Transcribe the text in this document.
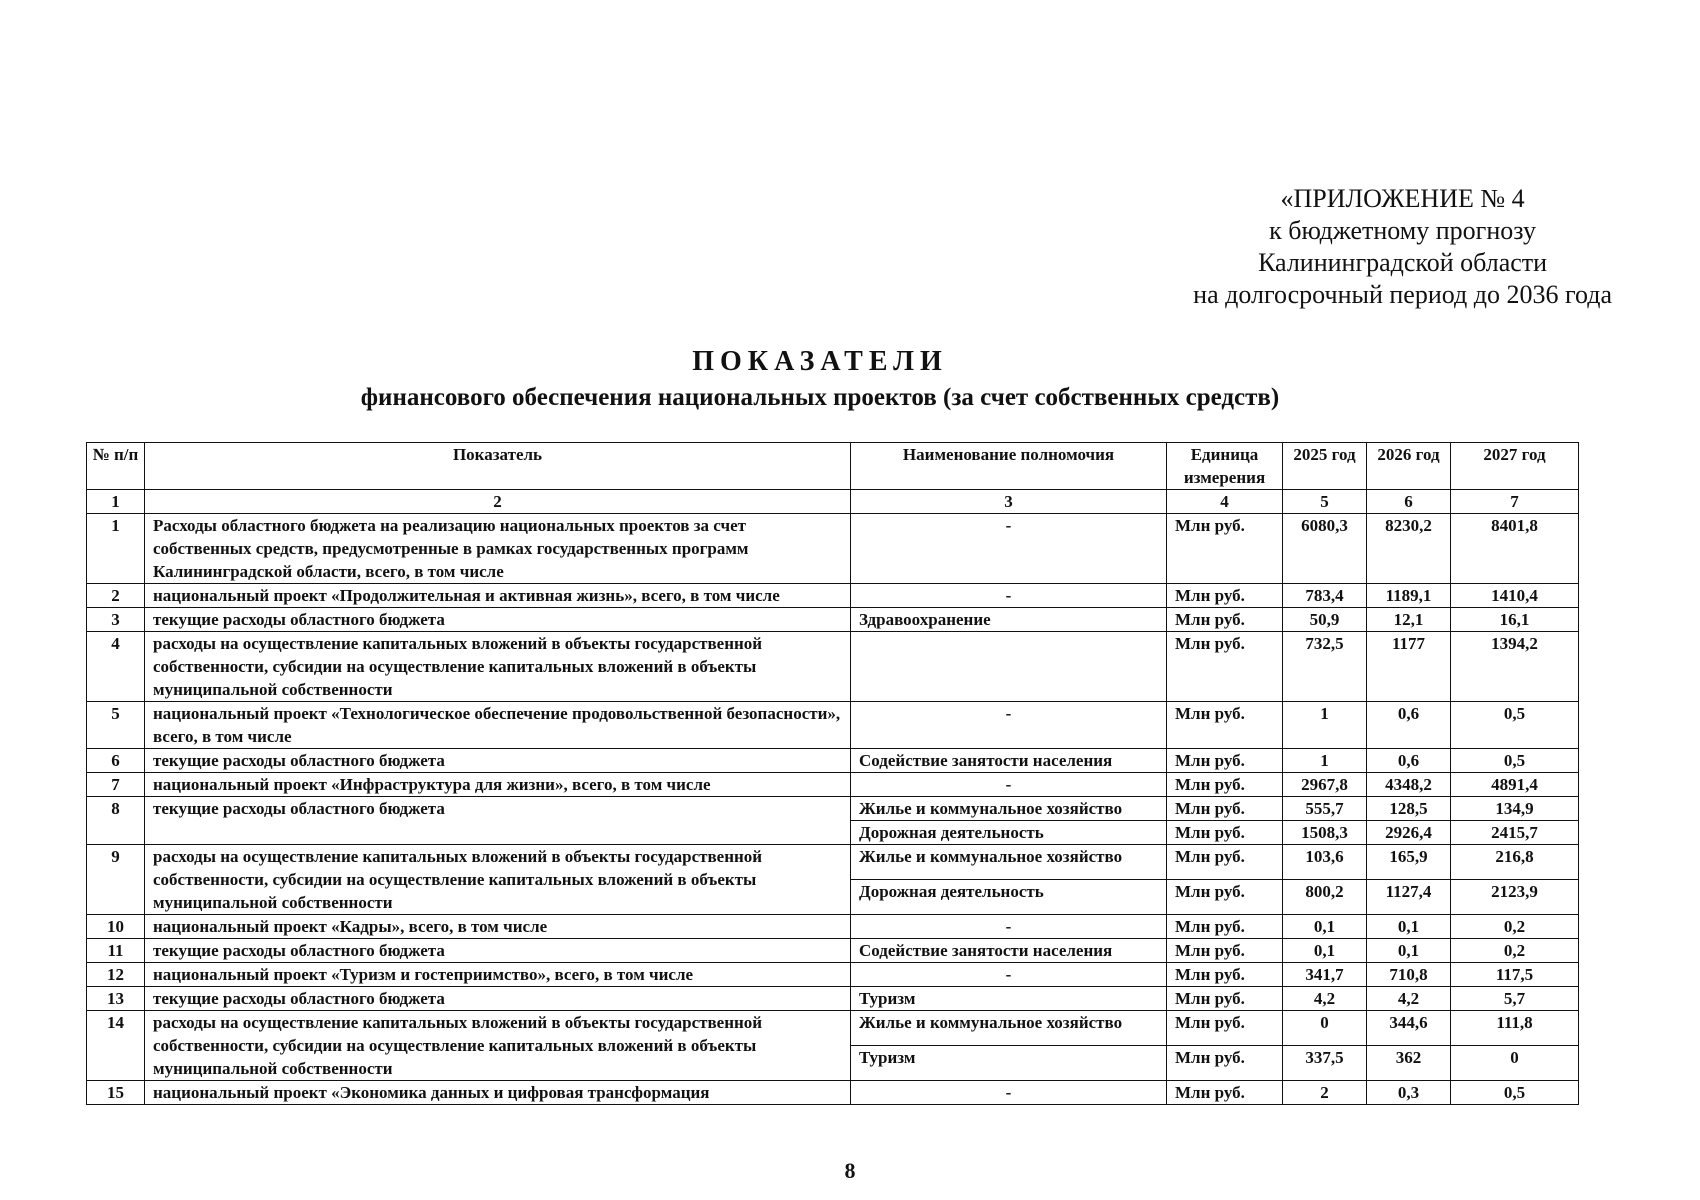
«ПРИЛОЖЕНИЕ № 4
к бюджетному прогнозу
Калининградской области
на долгосрочный период до 2036 года
ПОКАЗАТЕЛИ
финансового обеспечения национальных проектов (за счет собственных средств)
№ п/п	Показатель	Наименование полномочия	Единица измерения	2025 год	2026 год	2027 год
1	2	3	4	5	6	7
1	Расходы областного бюджета на реализацию национальных проектов за счет собственных средств, предусмотренные в рамках государственных программ Калининградской области, всего, в том числе	-	Млн руб.	6080,3	8230,2	8401,8
2	национальный проект «Продолжительная и активная жизнь», всего, в том числе	-	Млн руб.	783,4	1189,1	1410,4
3	текущие расходы областного бюджета	Здравоохранение	Млн руб.	50,9	12,1	16,1
4	расходы на осуществление капитальных вложений в объекты государственной собственности, субсидии на осуществление капитальных вложений в объекты муниципальной собственности		Млн руб.	732,5	1177	1394,2
5	национальный проект «Технологическое обеспечение продовольственной безопасности», всего, в том числе	-	Млн руб.	1	0,6	0,5
6	текущие расходы областного бюджета	Содействие занятости населения	Млн руб.	1	0,6	0,5
7	национальный проект «Инфраструктура для жизни», всего, в том числе	-	Млн руб.	2967,8	4348,2	4891,4
8	текущие расходы областного бюджета	Жилье и коммунальное хозяйство	Млн руб.	555,7	128,5	134,9
		Дорожная деятельность	Млн руб.	1508,3	2926,4	2415,7
9	расходы на осуществление капитальных вложений в объекты государственной собственности, субсидии на осуществление капитальных вложений в объекты муниципальной собственности	Жилье и коммунальное хозяйство	Млн руб.	103,6	165,9	216,8
		Дорожная деятельность	Млн руб.	800,2	1127,4	2123,9
10	национальный проект «Кадры», всего, в том числе	-	Млн руб.	0,1	0,1	0,2
11	текущие расходы областного бюджета	Содействие занятости населения	Млн руб.	0,1	0,1	0,2
12	национальный проект «Туризм и гостеприимство», всего, в том числе	-	Млн руб.	341,7	710,8	117,5
13	текущие расходы областного бюджета	Туризм	Млн руб.	4,2	4,2	5,7
14	расходы на осуществление капитальных вложений в объекты государственной собственности, субсидии на осуществление капитальных вложений в объекты муниципальной собственности	Жилье и коммунальное хозяйство	Млн руб.	0	344,6	111,8
		Туризм	Млн руб.	337,5	362	0
15	национальный проект «Экономика данных и цифровая трансформация	-	Млн руб.	2	0,3	0,5
8
